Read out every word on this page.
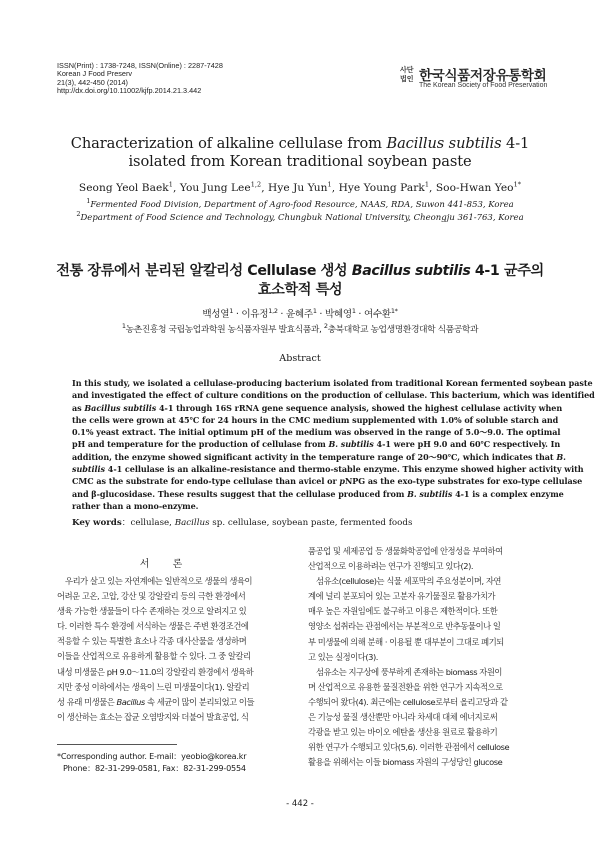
ISSN(Print) : 1738-7248, ISSN(Online) : 2287-7428
Korean J Food Preserv
21(3), 442-450 (2014)
http://dx.doi.org/10.11002/kjfp.2014.21.3.442
사단 법인 한국식품저장유통학회
The Korean Society of Food Preservation
Characterization of alkaline cellulase from Bacillus subtilis 4-1
isolated from Korean traditional soybean paste
Seong Yeol Baek$^1$, You Jung Lee$^{1,2}$, Hye Ju Yun$^1$, Hye Young Park$^1$, Soo-Hwan Yeo$^{1*}$
$^1$Fermented Food Division, Department of Agro-food Resource, NAAS, RDA, Suwon 441-853, Korea
$^2$Department of Food Science and Technology, Chungbuk National University, Cheongju 361-763, Korea
전통 장류에서 분리된 알칼리성 Cellulase 생성 Bacillus subtilis 4-1 균주의
효소학적 특성
백성열$^1$ · 이유정$^{1,2}$ · 윤혜주$^1$ · 박혜영$^1$ · 여수환$^{1*}$
$^1$농촌진흥청 국립농업과학원 농식품자원부 발효식품과, $^2$충북대학교 농업생명환경대학 식품공학과
Abstract
In this study, we isolated a cellulase-producing bacterium isolated from traditional Korean fermented soybean paste
and investigated the effect of culture conditions on the production of cellulase. This bacterium, which was identified
as Bacillus subtilis 4-1 through 16S rRNA gene sequence analysis, showed the highest cellulase activity when
the cells were grown at 45℃ for 24 hours in the CMC medium supplemented with 1.0% of soluble starch and
0.1% yeast extract. The initial optimum pH of the medium was observed in the range of 5.0～9.0. The optimal
pH and temperature for the production of cellulase from B. subtilis 4-1 were pH 9.0 and 60℃ respectively. In
addition, the enzyme showed significant activity in the temperature range of 20～90℃, which indicates that B.
subtilis 4-1 cellulase is an alkaline-resistance and thermo-stable enzyme. This enzyme showed higher activity with
CMC as the substrate for endo-type cellulase than avicel or pNPG as the exo-type substrates for exo-type cellulase
and β-glucosidase. These results suggest that the cellulase produced from B. subtilis 4-1 is a complex enzyme
rather than a mono-enzyme.
Key words：cellulase, Bacillus sp. cellulase, soybean paste, fermented foods
서 론
우리가 살고 있는 자연계에는 일반적으로 생물의 생육이
어려운 고온, 고압, 강산 및 강알칼리 등의 극한 환경에서
생육 가능한 생물들이 다수 존재하는 것으로 알려지고 있
다. 이러한 특수 환경에 서식하는 생물은 주변 환경조건에
적응할 수 있는 특별한 효소나 각종 대사산물을 생성하며
이들을 산업적으로 유용하게 활용할 수 있다. 그 중 알칼리
내성 미생물은 pH 9.0～11.0의 강알칼리 환경에서 생육하
지만 중성 이하에서는 생육이 느린 미생물이다(1). 알칼리
성 유래 미생물은 Bacillus 속 세균이 많이 분리되었고 이들
이 생산하는 효소는 잡균 오염방지와 더불어 발효공업, 식
품공업 및 세제공업 등 생물화학공업에 안정성을 부여하여
산업적으로 이용하려는 연구가 진행되고 있다(2).
섬유소(cellulose)는 식물 세포막의 주요성분이며, 자연
계에 널리 분포되어 있는 고분자 유기물질로 활용가치가
매우 높은 자원임에도 불구하고 이용은 제한적이다. 또한
영양소 섭취라는 관점에서는 부분적으로 반추동물이나 일
부 미생물에 의해 분해 · 이용될 뿐 대부분이 그대로 폐기되
고 있는 실정이다(3).
섬유소는 지구상에 풍부하게 존재하는 biomass 자원이
며 산업적으로 유용한 물질전환을 위한 연구가 지속적으로
수행되어 왔다(4). 최근에는 cellulose로부터 올리고당과 같
은 기능성 물질 생산뿐만 아니라 차세대 대체 에너지로써
각광을 받고 있는 바이오 에탄올 생산용 원료로 활용하기
위한 연구가 수행되고 있다(5,6). 이러한 관점에서 cellulose
활용을 위해서는 이들 biomass 자원의 구성당인 glucose
*Corresponding author. E-mail：yeobio@korea.kr
Phone：82-31-299-0581, Fax：82-31-299-0554
- 442 -
